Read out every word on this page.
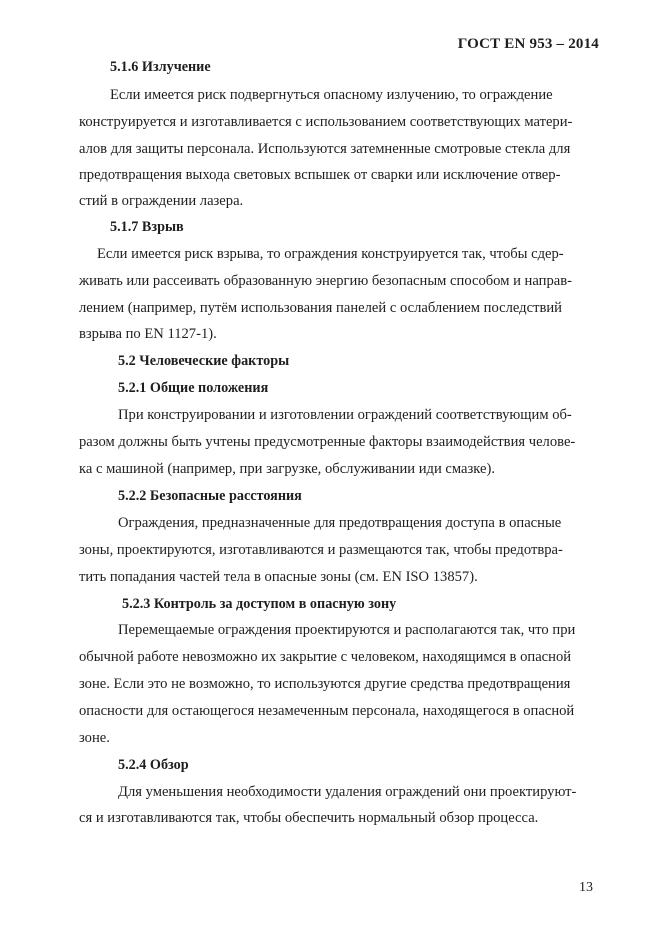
ГОСТ EN 953 – 2014
5.1.6 Излучение
Если имеется риск подвергнуться опасному излучению, то ограждение
конструируется и изготавливается с использованием соответствующих матери-
алов для защиты персонала. Используются затемненные смотровые стекла для
предотвращения выхода световых вспышек от сварки или исключение отвер-
стий в ограждении лазера.
5.1.7 Взрыв
Если имеется риск взрыва, то ограждения конструируется так, чтобы сдер-
живать или рассеивать образованную энергию безопасным способом и направ-
лением (например, путём использования панелей с ослаблением последствий
взрыва по EN 1127-1).
5.2 Человеческие факторы
5.2.1 Общие положения
При конструировании и изготовлении ограждений соответствующим об-
разом должны быть учтены предусмотренные факторы взаимодействия челове-
ка с машиной (например, при загрузке, обслуживании иди смазке).
5.2.2 Безопасные расстояния
Ограждения, предназначенные для предотвращения доступа в опасные
зоны, проектируются, изготавливаются и размещаются так, чтобы предотвра-
тить попадания частей тела в опасные зоны (см. EN ISO 13857).
5.2.3 Контроль за доступом в опасную зону
Перемещаемые ограждения проектируются и располагаются так, что при
обычной работе невозможно их закрытие с человеком, находящимся в опасной
зоне. Если это не возможно, то используются другие средства предотвращения
опасности для остающегося незамеченным персонала, находящегося в опасной
зоне.
5.2.4 Обзор
Для уменьшения необходимости удаления ограждений они проектируют-
ся и изготавливаются так, чтобы обеспечить нормальный обзор процесса.
13
